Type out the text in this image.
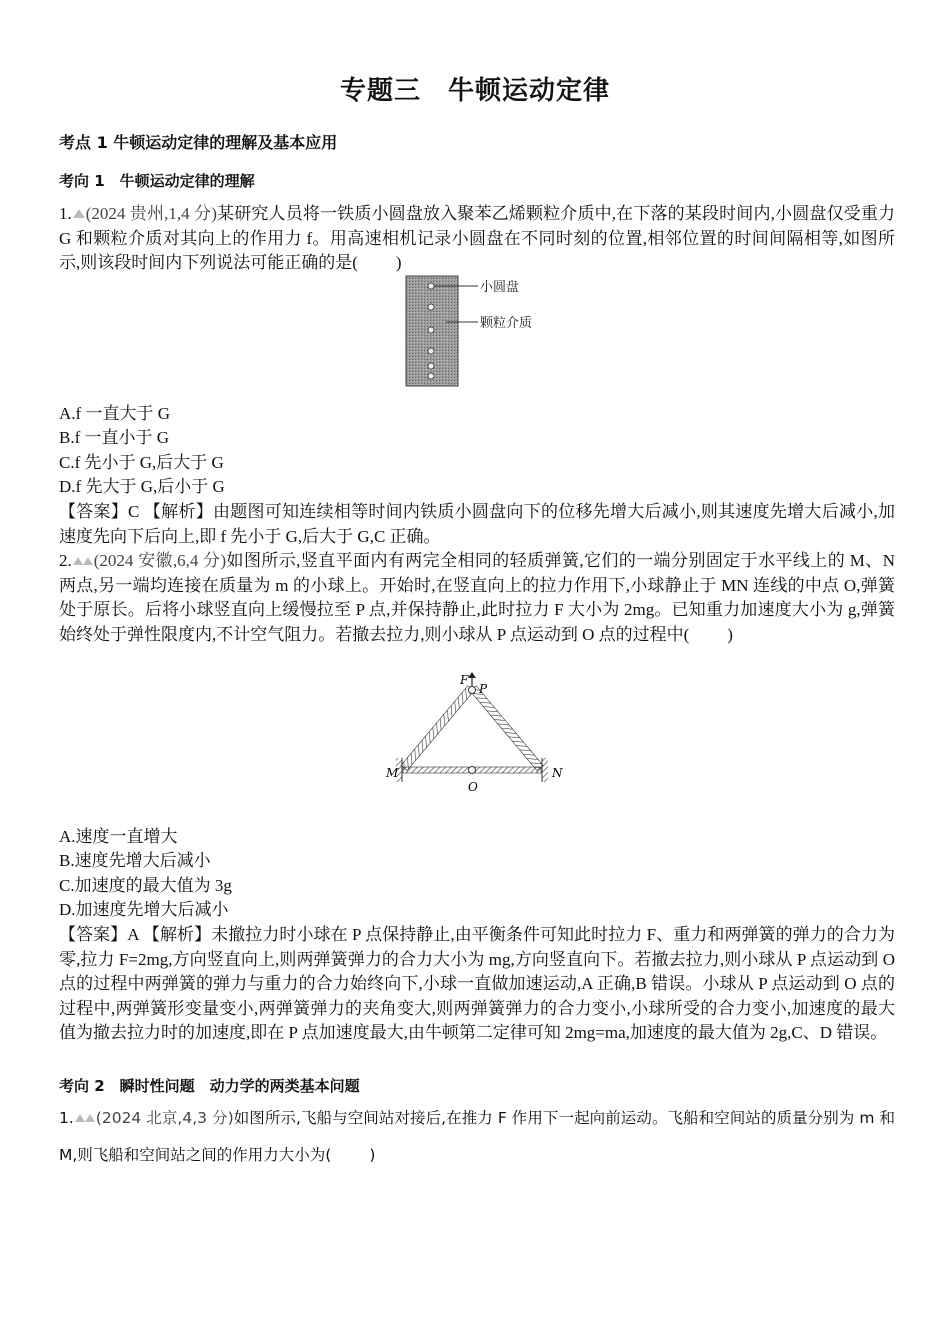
专题三　牛顿运动定律
考点 1 牛顿运动定律的理解及基本应用
考向 1　牛顿运动定律的理解
1. (2024 贵州,1,4 分)某研究人员将一铁质小圆盘放入聚苯乙烯颗粒介质中,在下落的某段时间内,小圆盘仅受重力 G 和颗粒介质对其向上的作用力 f。用高速相机记录小圆盘在不同时刻的位置,相邻位置的时间间隔相等,如图所示,则该段时间内下列说法可能正确的是( )
小圆盘
颗粒介质
A.f 一直大于 G
B.f 一直小于 G
C.f 先小于 G,后大于 G
D.f 先大于 G,后小于 G
【答案】C 【解析】由题图可知连续相等时间内铁质小圆盘向下的位移先增大后减小,则其速度先增大后减小,加速度先向下后向上,即 f 先小于 G,后大于 G,C 正确。
2. (2024 安徽,6,4 分)如图所示,竖直平面内有两完全相同的轻质弹簧,它们的一端分别固定于水平线上的 M、N 两点,另一端均连接在质量为 m 的小球上。开始时,在竖直向上的拉力作用下,小球静止于 MN 连线的中点 O,弹簧处于原长。后将小球竖直向上缓慢拉至 P 点,并保持静止,此时拉力 F 大小为 2mg。已知重力加速度大小为 g,弹簧始终处于弹性限度内,不计空气阻力。若撤去拉力,则小球从 P 点运动到 O 点的过程中( )
F
P
M	N
O
A.速度一直增大
B.速度先增大后减小
C.加速度的最大值为 3g
D.加速度先增大后减小
【答案】A 【解析】未撤拉力时小球在 P 点保持静止,由平衡条件可知此时拉力 F、重力和两弹簧的弹力的合力为零,拉力 F=2mg,方向竖直向上,则两弹簧弹力的合力大小为 mg,方向竖直向下。若撤去拉力,则小球从 P 点运动到 O 点的过程中两弹簧的弹力与重力的合力始终向下,小球一直做加速运动,A 正确,B 错误。小球从 P 点运动到 O 点的过程中,两弹簧形变量变小,两弹簧弹力的夹角变大,则两弹簧弹力的合力变小,小球所受的合力变小,加速度的最大值为撤去拉力时的加速度,即在 P 点加速度最大,由牛顿第二定律可知 2mg=ma,加速度的最大值为 2g,C、D 错误。
考向 2　瞬时性问题　动力学的两类基本问题
1. (2024 北京,4,3 分)如图所示,飞船与空间站对接后,在推力 F 作用下一起向前运动。飞船和空间站的质量分别为 m 和 M,则飞船和空间站之间的作用力大小为( )
